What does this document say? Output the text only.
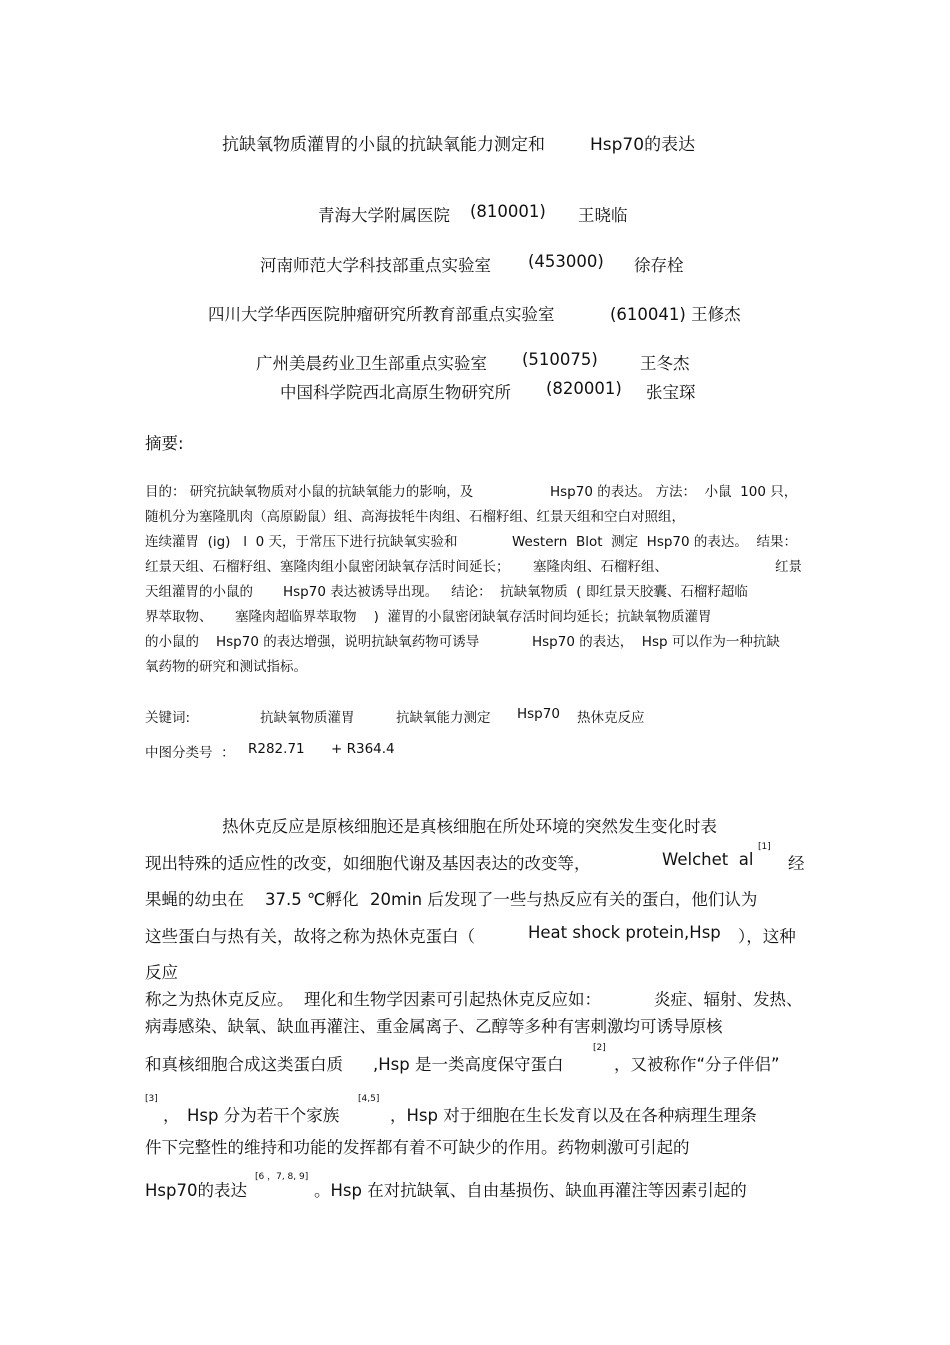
抗缺氧物质灌胃的小鼠的抗缺氧能力测定和	Hsp70的表达
青海大学附属医院 (810001) 王晓临
河南师范大学科技部重点实验室 (453000) 徐存栓
四川大学华西医院肿瘤研究所教育部重点实验室	(610041) 王修杰
广州美晨药业卫生部重点实验室 (510075)	王冬杰
中国科学院西北高原生物研究所 (820001) 张宝琛
摘要:
目的： 研究抗缺氧物质对小鼠的抗缺氧能力的影响，及	Hsp70 的表达。 方法：  小鼠  100 只，
随机分为塞隆肌肉（高原鼢鼠）组、高海拔牦牛肉组、石榴籽组、红景天组和空白对照组，
连续灌胃  (ig)   l  0 天，于常压下进行抗缺氧实验和	Western  Blot  测定  Hsp70 的表达。  结果：
红景天组、石榴籽组、塞隆肉组小鼠密闭缺氧存活时间延长； 塞隆肉组、石榴籽组、	红景
天组灌胃的小鼠的 Hsp70 表达被诱导出现。   结论：  抗缺氧物质  ( 即红景天胶囊、石榴籽超临
界萃取物、 塞隆肉超临界萃取物    )  灌胃的小鼠密闭缺氧存活时间均延长；抗缺氧物质灌胃
的小鼠的 Hsp70 的表达增强，说明抗缺氧药物可诱导	Hsp70 的表达，  Hsp 可以作为一种抗缺
氧药物的研究和测试指标。
关键词:	抗缺氧物质灌胃	抗缺氧能力测定 Hsp70 热休克反应
中图分类号  ： R282.71 + R364.4
热休克反应是原核细胞还是真核细胞在所处环境的突然发生变化时表
现出特殊的适应性的改变，如细胞代谢及基因表达的改变等，	Welchet  al
[1]
经
果蝇的幼虫在 37.5 ℃孵化 20min 后发现了一些与热反应有关的蛋白，他们认为
这些蛋白与热有关，故将之称为热休克蛋白（	Heat shock protein,Hsp ），这种
反应
称之为热休克反应。  理化和生物学因素可引起热休克反应如：	炎症、辐射、发热、
病毒感染、缺氧、缺血再灌注、重金属离子、乙醇等多种有害刺激均可诱导原核
和真核细胞合成这类蛋白质 ,Hsp 是一类高度保守蛋白
[2]
，又被称作“分子伴侣”
[3]
， Hsp 分为若干个家族
[4,5]
，Hsp 对于细胞在生长发育以及在各种病理生理条
件下完整性的维持和功能的发挥都有着不可缺少的作用。药物刺激可引起的
Hsp70的表达
[6 ，7, 8, 9]
。Hsp 在对抗缺氧、自由基损伤、缺血再灌注等因素引起的
